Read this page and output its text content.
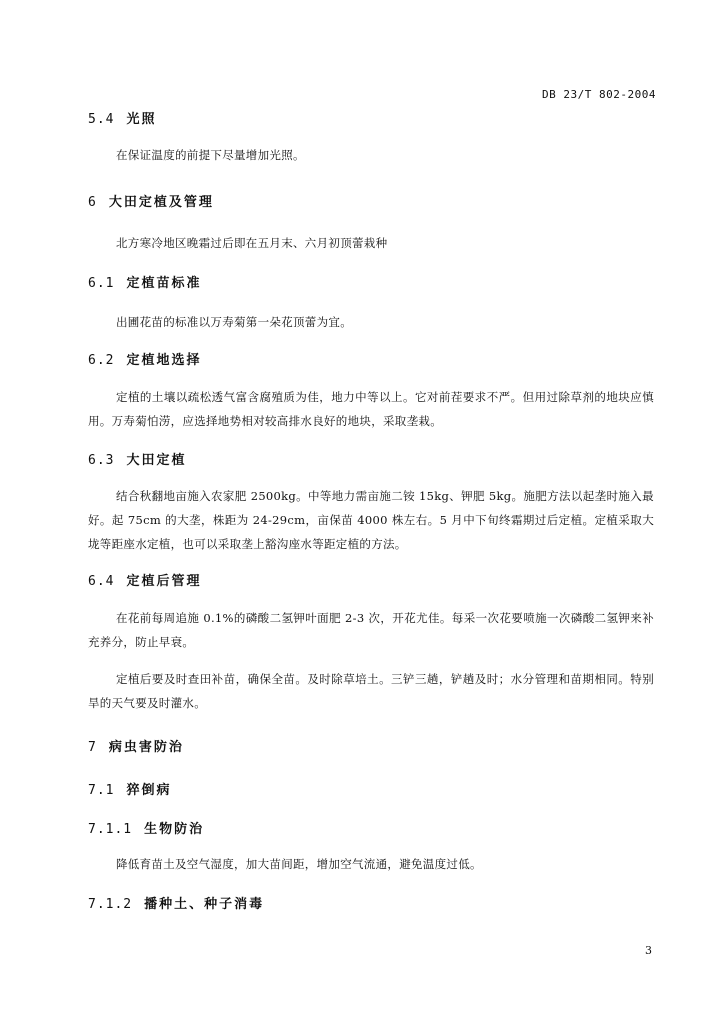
DB 23/T 802-2004
5.4 光照
在保证温度的前提下尽量增加光照。
6 大田定植及管理
北方寒冷地区晚霜过后即在五月末、六月初顶蕾栽种
6.1 定植苗标准
出圃花苗的标准以万寿菊第一朵花顶蕾为宜。
6.2 定植地选择
定植的土壤以疏松透气富含腐殖质为佳，地力中等以上。它对前茬要求不严。但用过除草剂的地块应慎用。万寿菊怕涝，应选择地势相对较高排水良好的地块，采取垄栽。
6.3 大田定植
结合秋翻地亩施入农家肥 2500kg。中等地力需亩施二铵 15kg、钾肥 5kg。施肥方法以起垄时施入最好。起 75cm 的大垄，株距为 24-29cm，亩保苗 4000 株左右。5 月中下旬终霜期过后定植。定植采取大垅等距座水定植，也可以采取垄上豁沟座水等距定植的方法。
6.4 定植后管理
在花前每周追施 0.1%的磷酸二氢钾叶面肥 2-3 次，开花尤佳。每采一次花要喷施一次磷酸二氢钾来补充养分，防止早衰。
定植后要及时查田补苗，确保全苗。及时除草培土。三铲三趟，铲趟及时；水分管理和苗期相同。特别旱的天气要及时灌水。
7 病虫害防治
7.1 猝倒病
7.1.1 生物防治
降低育苗土及空气湿度，加大苗间距，增加空气流通，避免温度过低。
7.1.2 播种土、种子消毒
3
